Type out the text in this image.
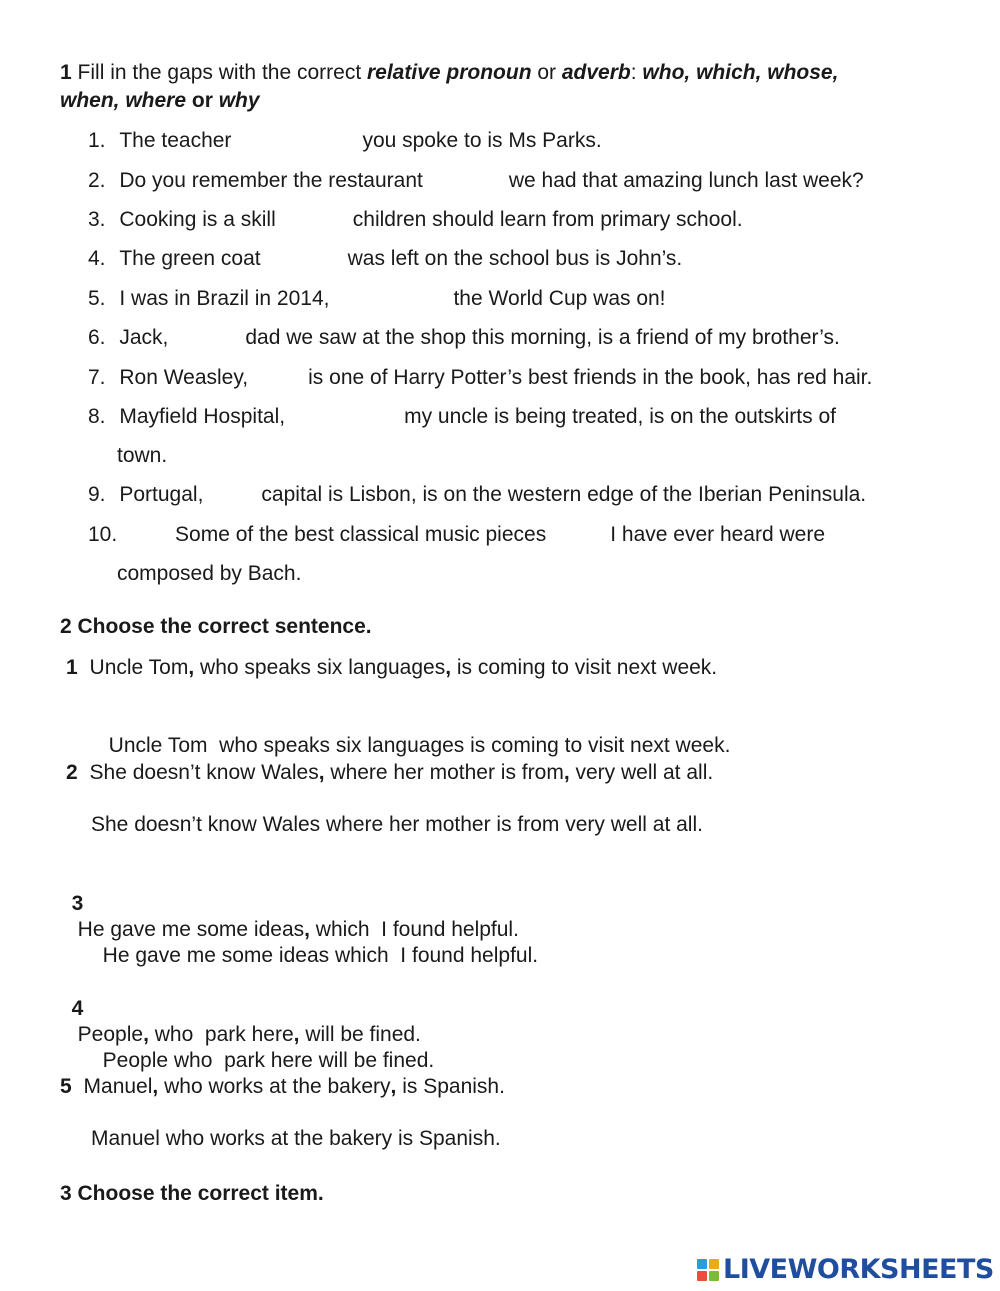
1 Fill in the gaps with the correct relative pronoun or adverb: who, which, whose,
when, where or why
1. The teacher	you spoke to is Ms Parks.
2. Do you remember the restaurant	we had that amazing lunch last week?
3. Cooking is a skill	children should learn from primary school.
4. The green coat	was left on the school bus is John’s.
5. I was in Brazil in 2014,	the World Cup was on!
6. Jack,	dad we saw at the shop this morning, is a friend of my brother’s.
7. Ron Weasley,	is one of Harry Potter’s best friends in the book, has red hair.
8. Mayfield Hospital,	my uncle is being treated, is on the outskirts of
town.
9. Portugal,	capital is Lisbon, is on the western edge of the Iberian Peninsula.
10.	Some of the best classical music pieces	I have ever heard were
composed by Bach.
2 Choose the correct sentence.
1 Uncle Tom, who speaks six languages, is coming to visit next week.

Uncle Tom  who speaks six languages is coming to visit next week.

2 She doesn’t know Wales, where her mother is from, very well at all.
She doesn’t know Wales where her mother is from very well at all.

3
He gave me some ideas, which  I found helpful.

He gave me some ideas which  I found helpful.

4
People, who  park here, will be fined.

People who  park here will be fined.

5 Manuel, who works at the bakery, is Spanish.
Manuel who works at the bakery is Spanish.
3 Choose the correct item.
LIVEWORKSHEETS
